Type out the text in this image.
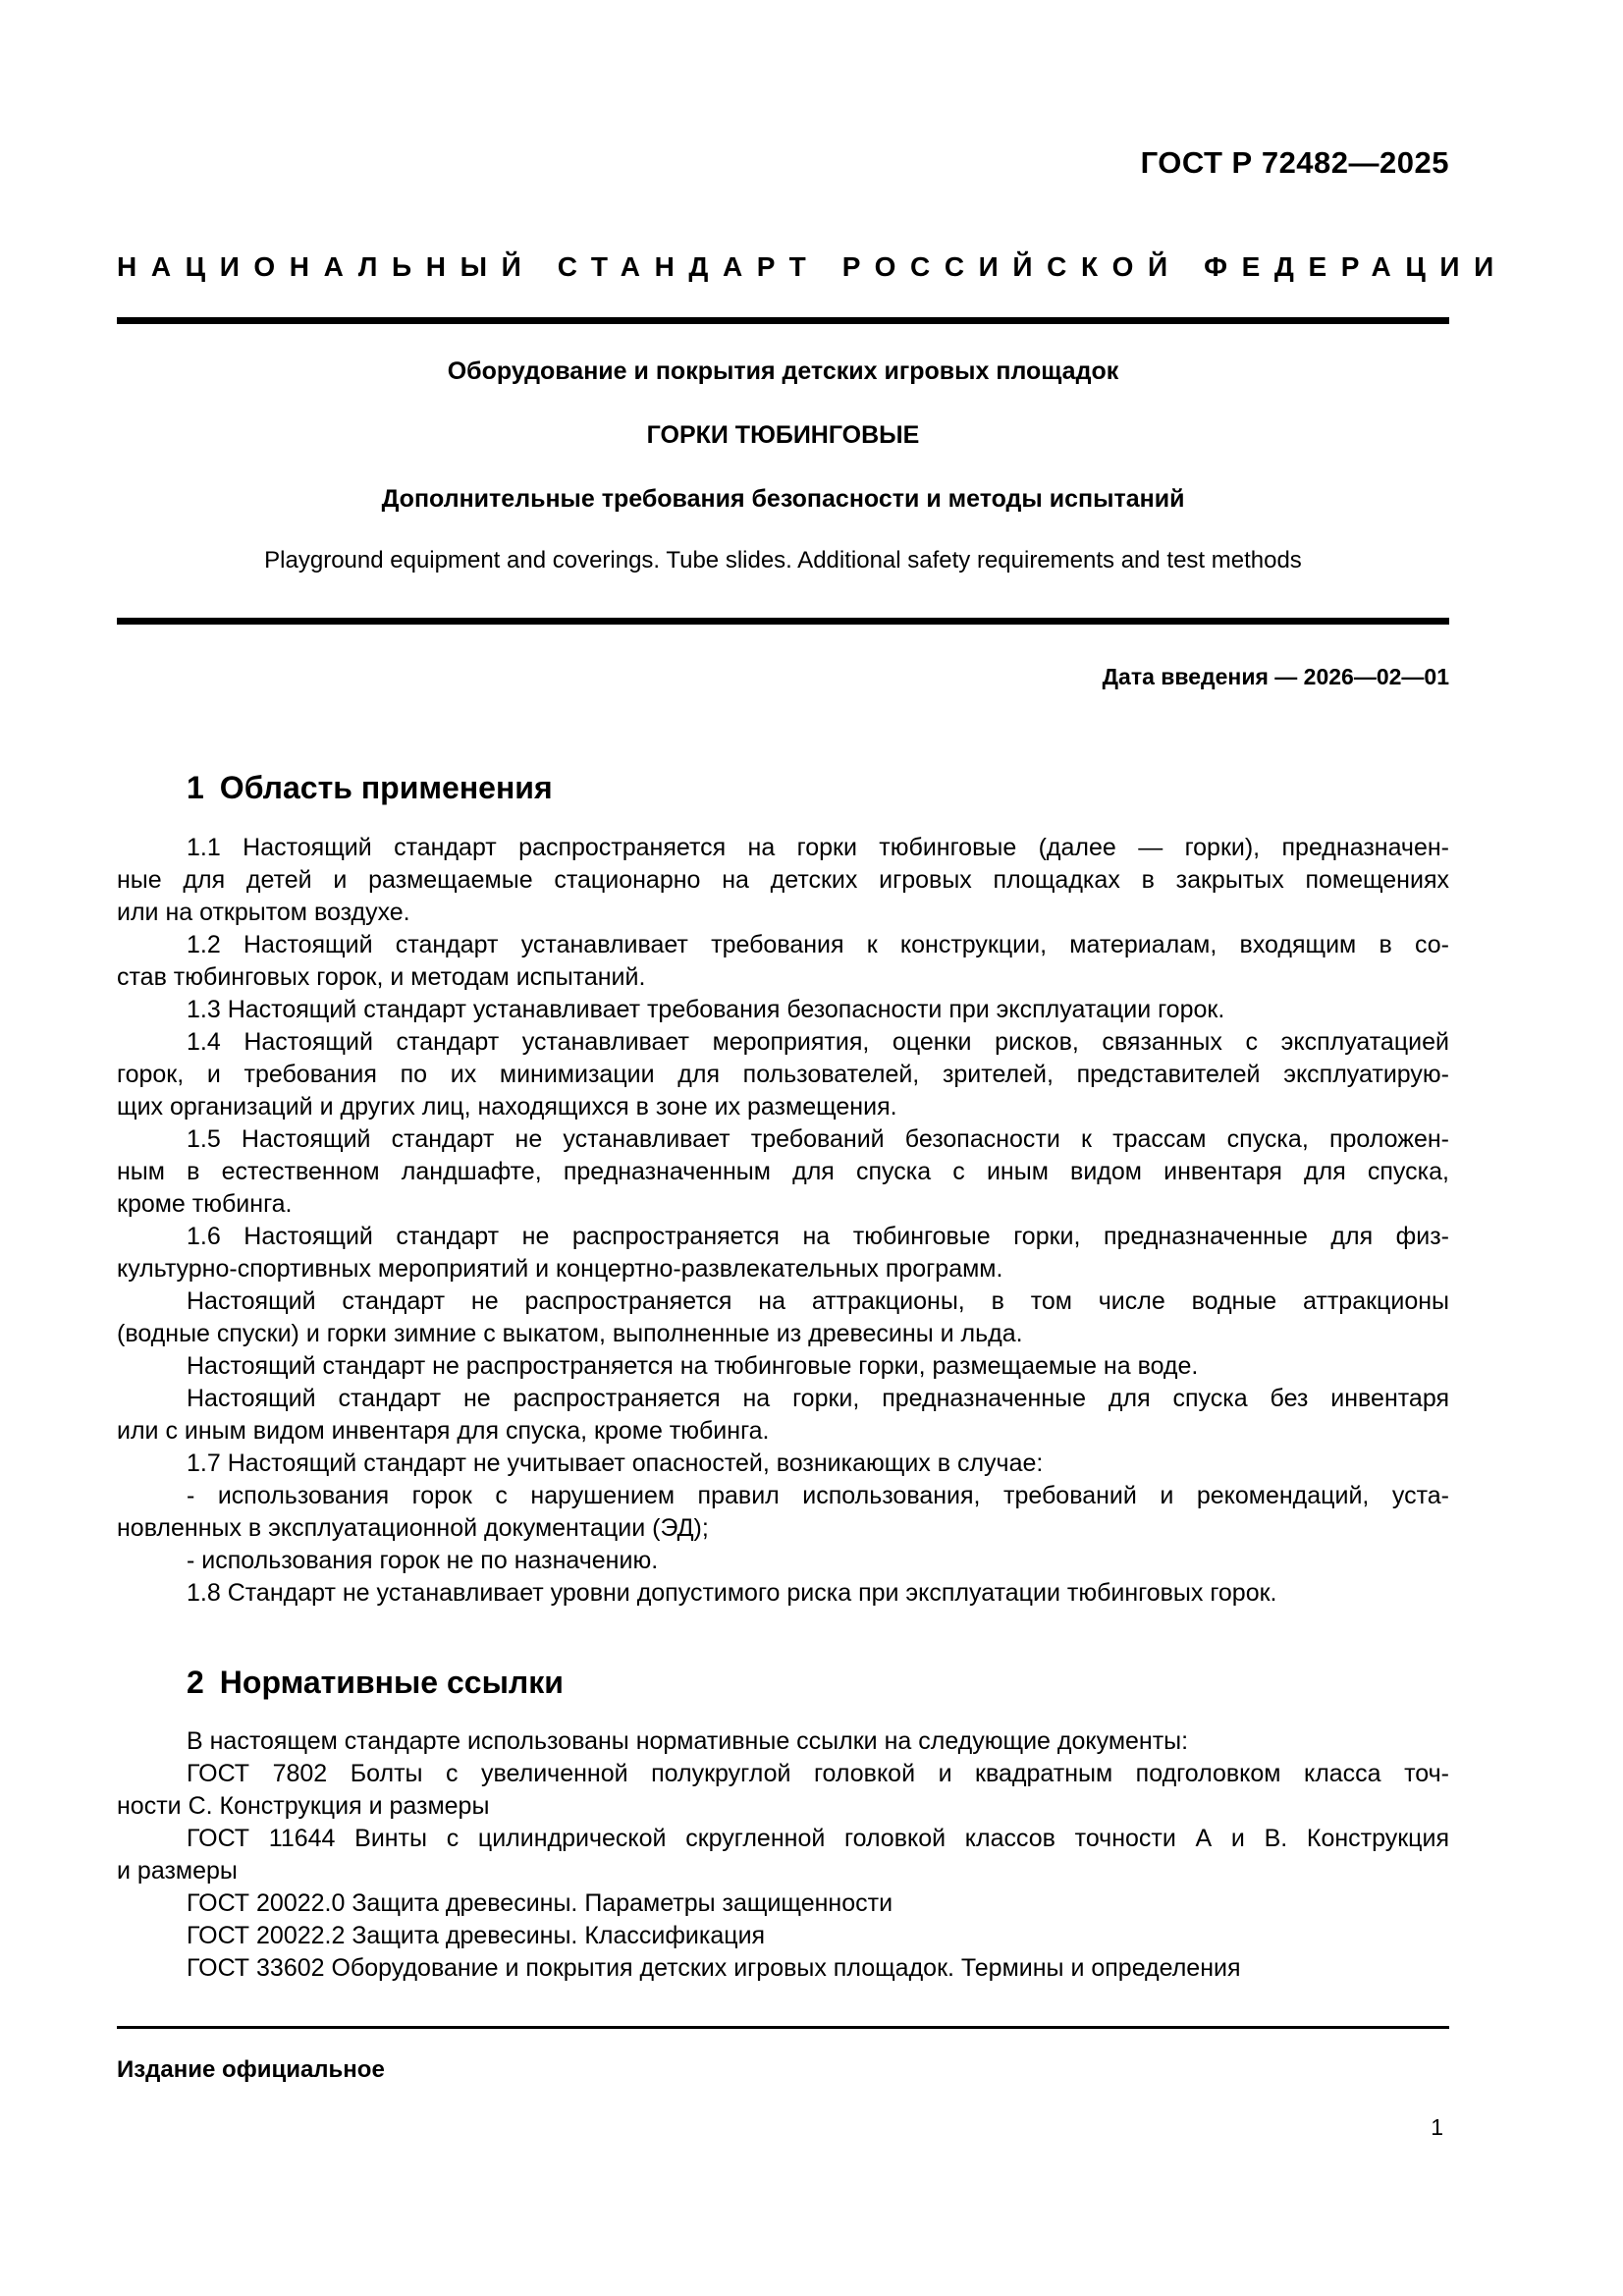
ГОСТ Р 72482—2025
НАЦИОНАЛЬНЫЙ СТАНДАРТ РОССИЙСКОЙ ФЕДЕРАЦИИ
Оборудование и покрытия детских игровых площадок
ГОРКИ ТЮБИНГОВЫЕ
Дополнительные требования безопасности и методы испытаний
Playground equipment and coverings. Tube slides. Additional safety requirements and test methods
Дата введения — 2026—02—01
1 Область применения
1.1 Настоящий стандарт распространяется на горки тюбинговые (далее — горки), предназначен-
ные для детей и размещаемые стационарно на детских игровых площадках в закрытых помещениях
или на открытом воздухе.
1.2 Настоящий стандарт устанавливает требования к конструкции, материалам, входящим в со-
став тюбинговых горок, и методам испытаний.
1.3 Настоящий стандарт устанавливает требования безопасности при эксплуатации горок.
1.4 Настоящий стандарт устанавливает мероприятия, оценки рисков, связанных с эксплуатацией
горок, и требования по их минимизации для пользователей, зрителей, представителей эксплуатирую-
щих организаций и других лиц, находящихся в зоне их размещения.
1.5 Настоящий стандарт не устанавливает требований безопасности к трассам спуска, проложен-
ным в естественном ландшафте, предназначенным для спуска с иным видом инвентаря для спуска,
кроме тюбинга.
1.6 Настоящий стандарт не распространяется на тюбинговые горки, предназначенные для физ-
культурно-спортивных мероприятий и концертно-развлекательных программ.
Настоящий стандарт не распространяется на аттракционы, в том числе водные аттракционы
(водные спуски) и горки зимние с выкатом, выполненные из древесины и льда.
Настоящий стандарт не распространяется на тюбинговые горки, размещаемые на воде.
Настоящий стандарт не распространяется на горки, предназначенные для спуска без инвентаря
или с иным видом инвентаря для спуска, кроме тюбинга.
1.7 Настоящий стандарт не учитывает опасностей, возникающих в случае:
- использования горок с нарушением правил использования, требований и рекомендаций, уста-
новленных в эксплуатационной документации (ЭД);
- использования горок не по назначению.
1.8 Стандарт не устанавливает уровни допустимого риска при эксплуатации тюбинговых горок.
2 Нормативные ссылки
В настоящем стандарте использованы нормативные ссылки на следующие документы:
ГОСТ 7802 Болты с увеличенной полукруглой головкой и квадратным подголовком класса точ-
ности С. Конструкция и размеры
ГОСТ 11644 Винты с цилиндрической скругленной головкой классов точности А и В. Конструкция
и размеры
ГОСТ 20022.0 Защита древесины. Параметры защищенности
ГОСТ 20022.2 Защита древесины. Классификация
ГОСТ 33602 Оборудование и покрытия детских игровых площадок. Термины и определения
Издание официальное
1
